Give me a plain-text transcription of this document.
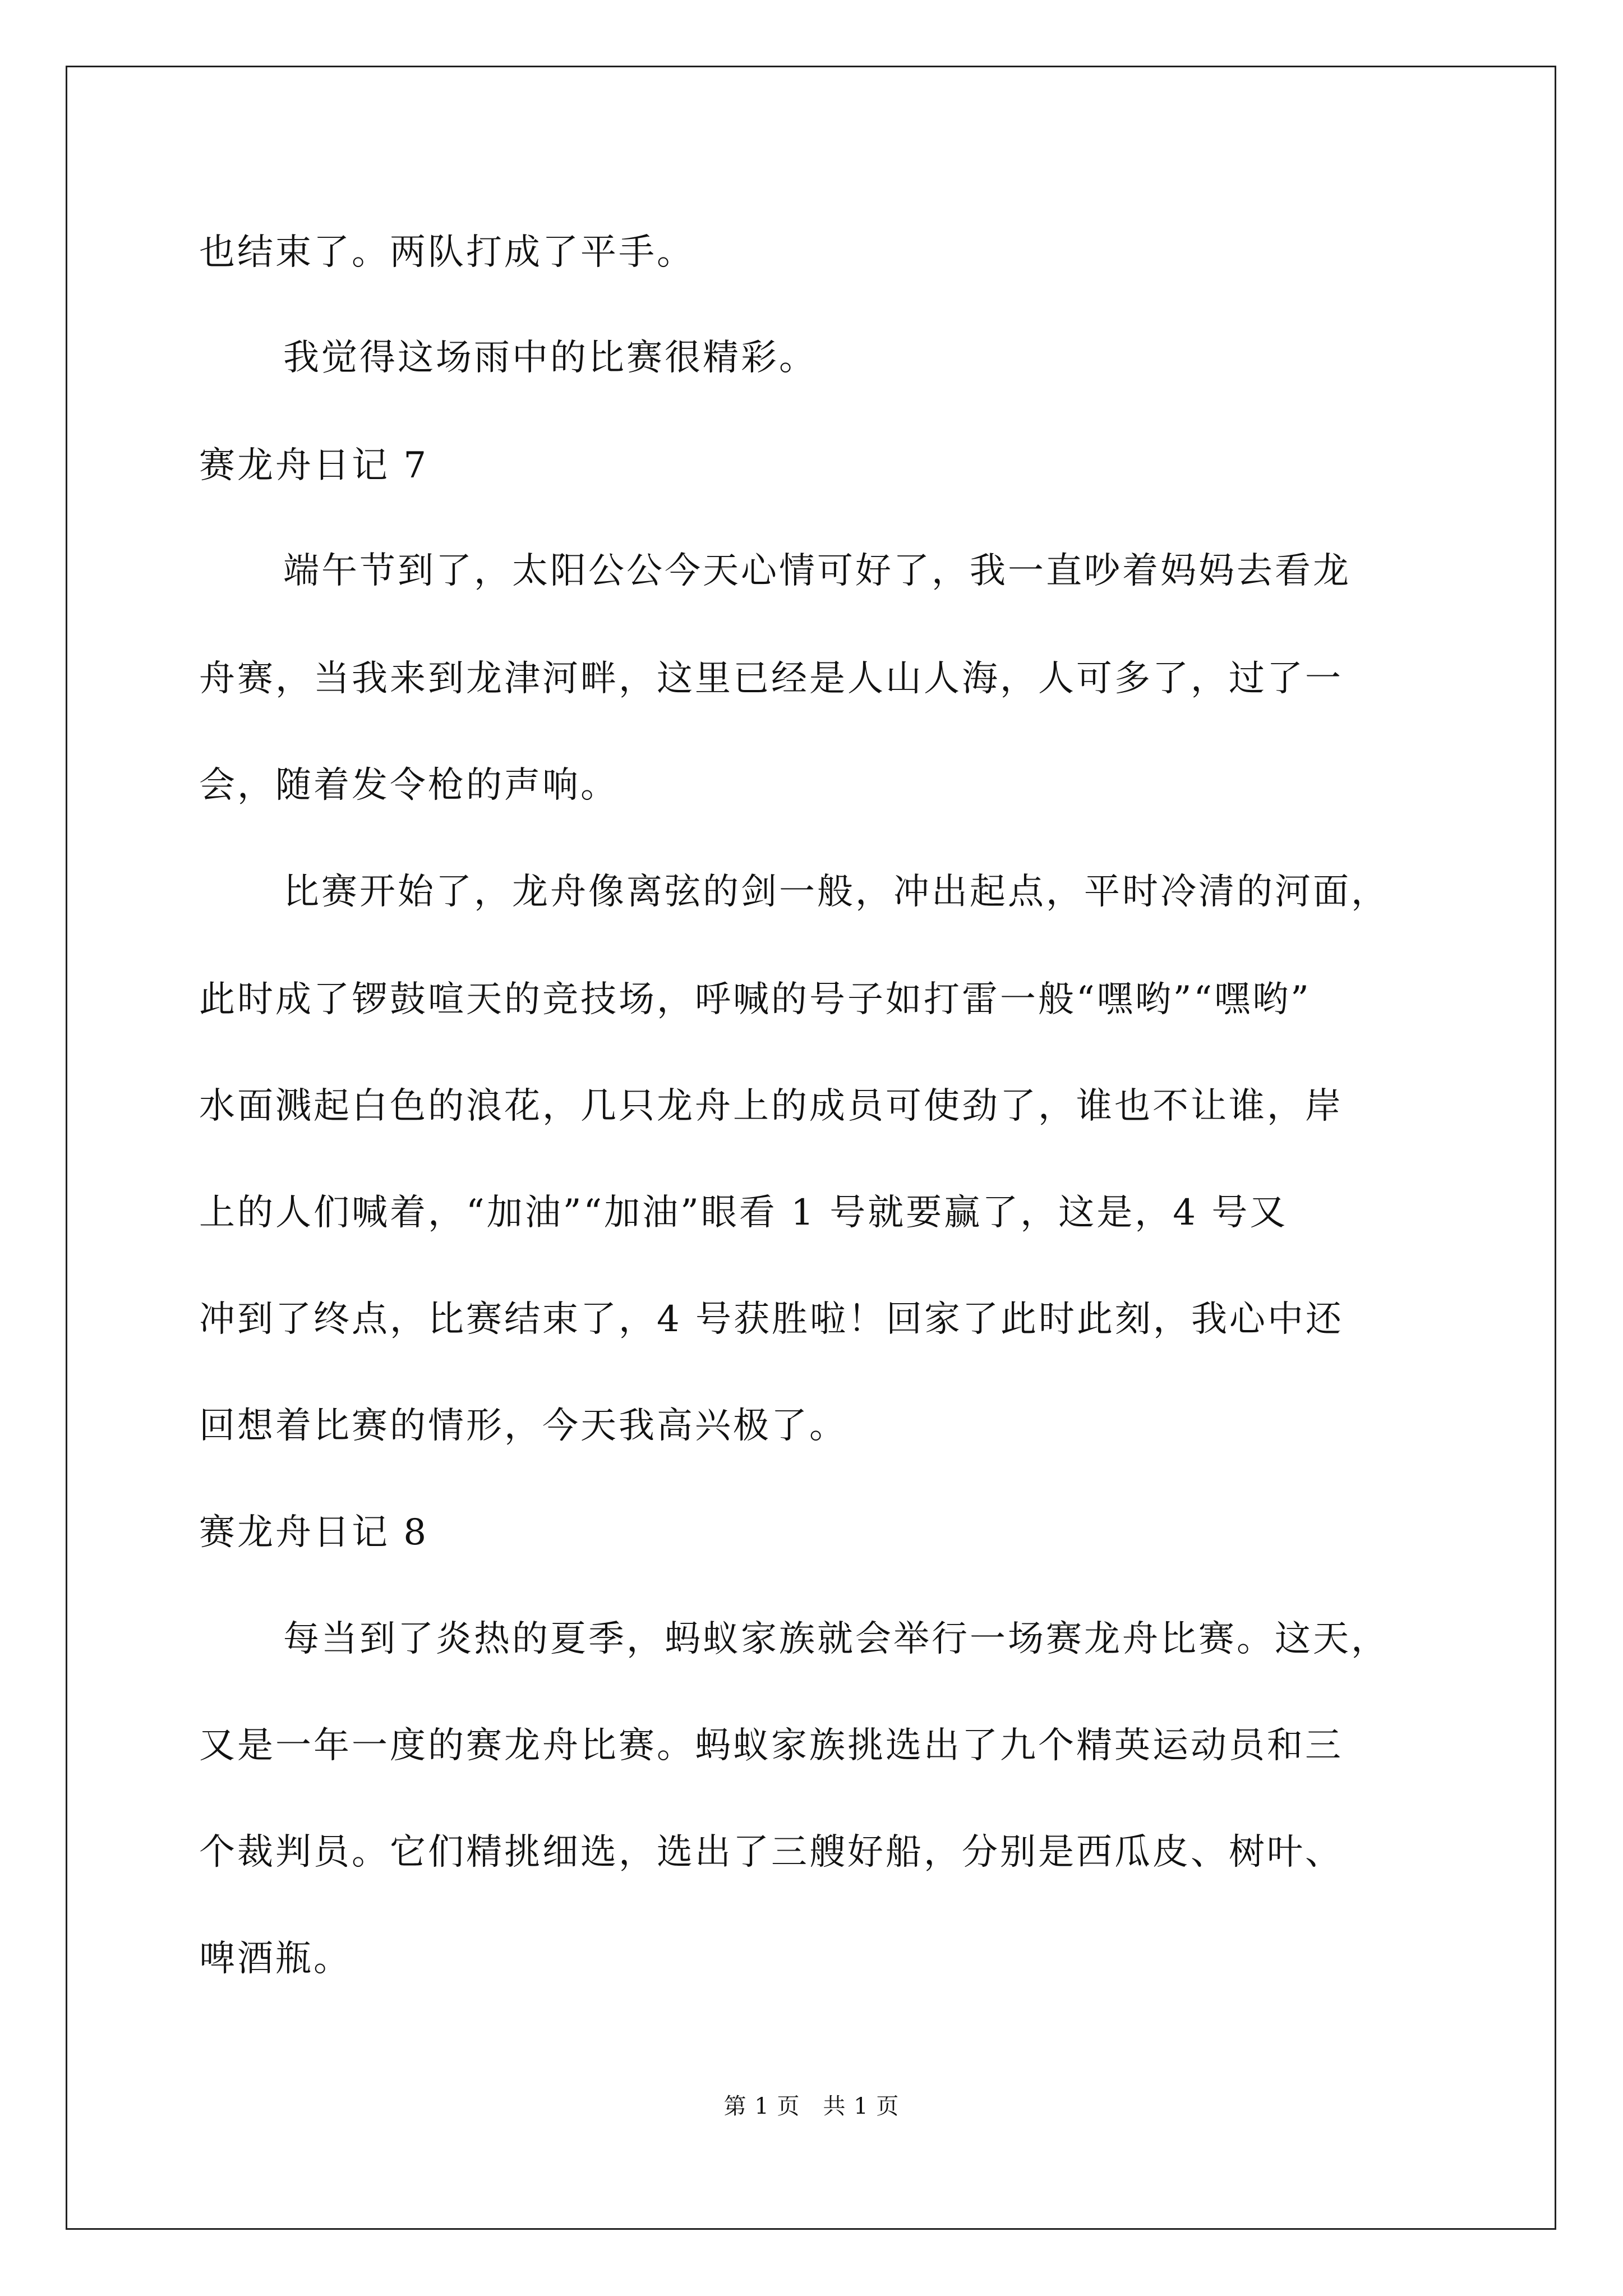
也结束了。两队打成了平手。
我觉得这场雨中的比赛很精彩。
赛龙舟日记 7
端午节到了，太阳公公今天心情可好了，我一直吵着妈妈去看龙
舟赛，当我来到龙津河畔，这里已经是人山人海，人可多了，过了一
会，随着发令枪的声响。
比赛开始了，龙舟像离弦的剑一般，冲出起点，平时冷清的河面，
此时成了锣鼓喧天的竞技场，呼喊的号子如打雷一般“嘿哟”“嘿哟”
水面溅起白色的浪花，几只龙舟上的成员可使劲了，谁也不让谁，岸
上的人们喊着，“加油”“加油”眼看 1 号就要赢了，这是，4 号又
冲到了终点，比赛结束了，4 号获胜啦！回家了此时此刻，我心中还
回想着比赛的情形，今天我高兴极了。
赛龙舟日记 8
每当到了炎热的夏季，蚂蚁家族就会举行一场赛龙舟比赛。这天，
又是一年一度的赛龙舟比赛。蚂蚁家族挑选出了九个精英运动员和三
个裁判员。它们精挑细选，选出了三艘好船，分别是西瓜皮、树叶、
啤酒瓶。
第 1 页　共 1 页
